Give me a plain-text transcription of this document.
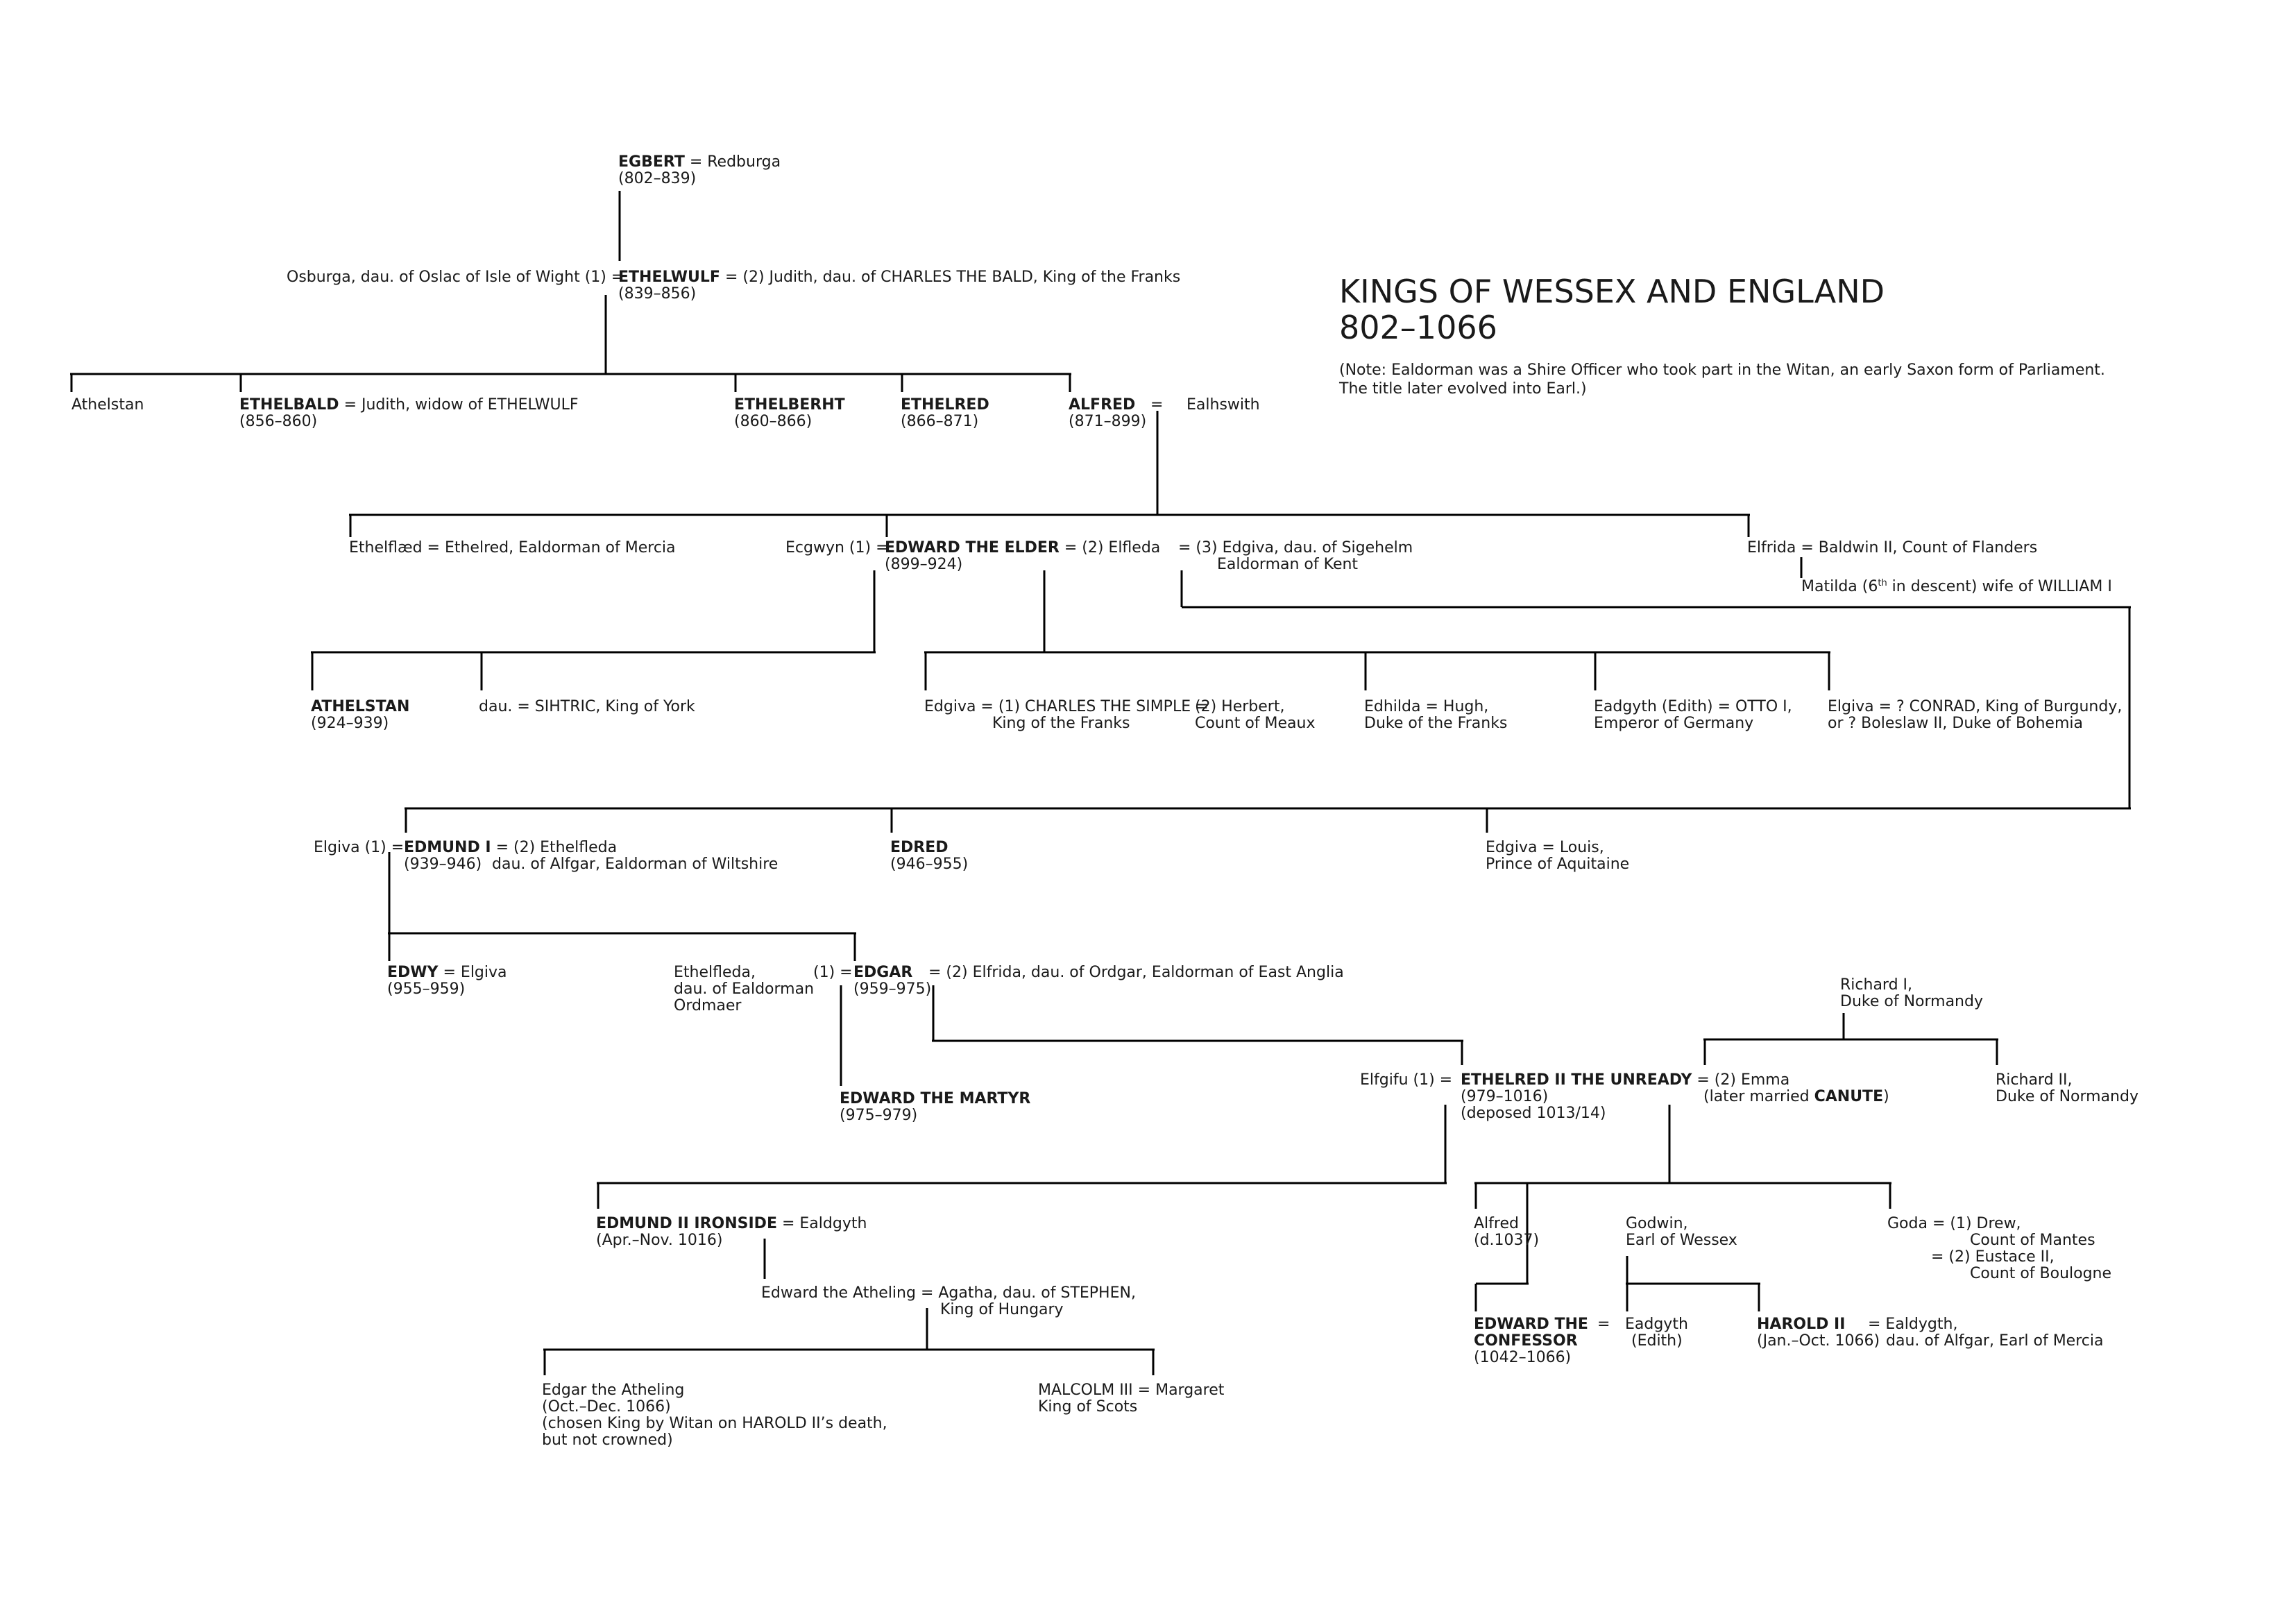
KINGS OF WESSEX AND ENGLAND
802–1066
(Note: Ealdorman was a Shire Officer who took part in the Witan, an early Saxon form of Parliament.
The title later evolved into Earl.)
EGBERT = Redburga
(802–839)
Osburga, dau. of Oslac of Isle of Wight (1) =
ETHELWULF = (2) Judith, dau. of CHARLES THE BALD, King of the Franks
(839–856)
Athelstan	ETHELBALD = Judith, widow of ETHELWULF
(856–860)
ETHELBERHT
(860–866)
ETHELRED
(866–871)
ALFRED = Ealhswith
(871–899)
Ethelflæd = Ethelred, Ealdorman of Mercia	Ecgwyn (1) =
EDWARD THE ELDER = (2) Elfleda
(899–924)
= (3) Edgiva, dau. of Sigehelm
Ealdorman of Kent
Elfrida = Baldwin II, Count of Flanders
Matilda (6th in descent) wife of WILLIAM I
ATHELSTAN
(924–939)
dau. = SIHTRIC, King of York	Edgiva = (1) CHARLES THE SIMPLE =
King of the Franks
(2) Herbert,
Count of Meaux
Edhilda = Hugh,
Duke of the Franks
Eadgyth (Edith) = OTTO I,
Emperor of Germany
Elgiva = ? CONRAD, King of Burgundy,
or ? Boleslaw II, Duke of Bohemia
Elgiva (1) = EDMUND I = (2) Ethelfleda
(939–946) dau. of Alfgar, Ealdorman of Wiltshire
EDRED
(946–955)
Edgiva = Louis,
Prince of Aquitaine
EDWY = Elgiva
(955–959)
Ethelfleda,
dau. of Ealdorman
Ordmaer
(1) = EDGAR
(959–975)
= (2) Elfrida, dau. of Ordgar, Ealdorman of East Anglia
EDWARD THE MARTYR
(975–979)
Richard I,
Duke of Normandy
Elfgifu (1) = ETHELRED II THE UNREADY = (2) Emma
(979–1016)
(deposed 1013/14)
(later married CANUTE)
Richard II,
Duke of Normandy
EDMUND II IRONSIDE = Ealdgyth
(Apr.–Nov. 1016)
Alfred
(d.1037)
Godwin,
Earl of Wessex
Goda = (1) Drew,
Count of Mantes
= (2) Eustace II,
Count of Boulogne
Edward the Atheling = Agatha, dau. of STEPHEN,
King of Hungary
EDWARD THE
CONFESSOR
(1042–1066)
= Eadgyth
(Edith)
HAROLD II
(Jan.–Oct. 1066)
= Ealdygth,
dau. of Alfgar, Earl of Mercia
Edgar the Atheling
(Oct.–Dec. 1066)
(chosen King by Witan on HAROLD II’s death,
but not crowned)
MALCOLM III = Margaret
King of Scots
